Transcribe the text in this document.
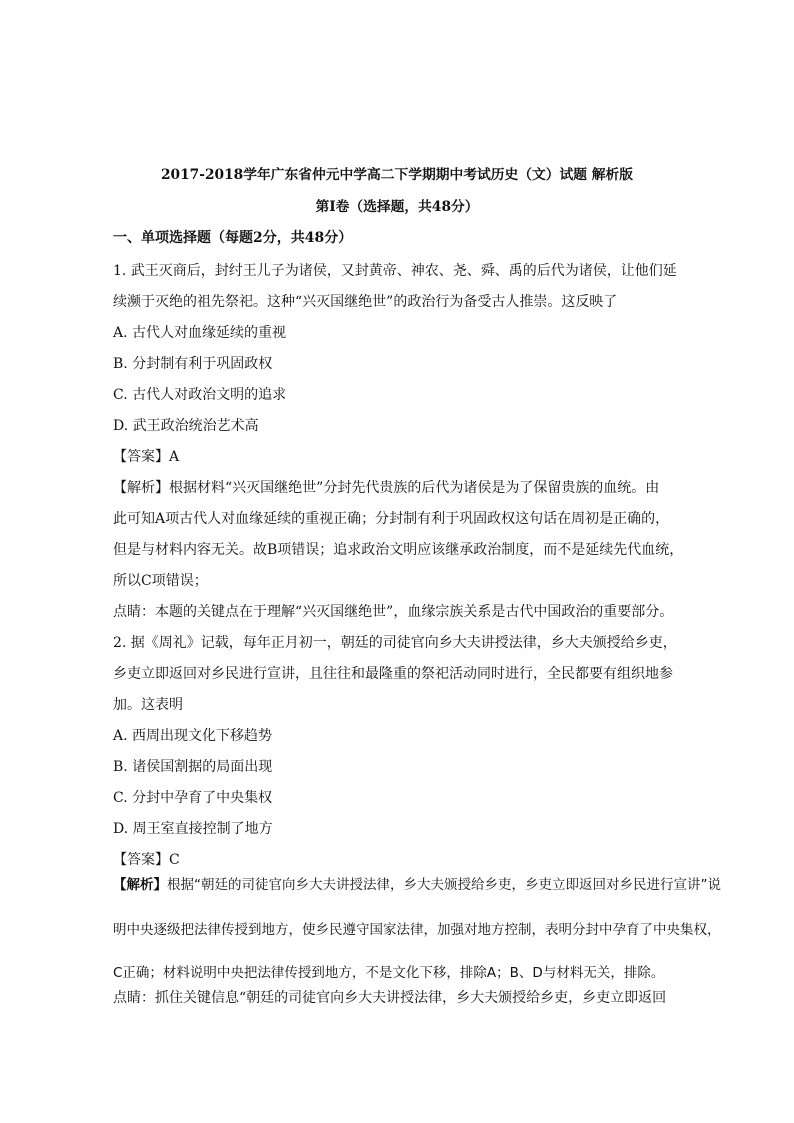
2017-2018学年广东省仲元中学高二下学期期中考试历史（文）试题 解析版
第Ⅰ卷（选择题，共48分）
一、单项选择题（每题2分，共48分）
1. 武王灭商后，封纣王儿子为诸侯，又封黄帝、神农、尧、舜、禹的后代为诸侯，让他们延
续濒于灭绝的祖先祭祀。这种“兴灭国继绝世”的政治行为备受古人推崇。这反映了
A. 古代人对血缘延续的重视
B. 分封制有利于巩固政权
C. 古代人对政治文明的追求
D. 武王政治统治艺术高
【答案】A
【解析】根据材料“兴灭国继绝世”分封先代贵族的后代为诸侯是为了保留贵族的血统。由
此可知A项古代人对血缘延续的重视正确；分封制有利于巩固政权这句话在周初是正确的，
但是与材料内容无关。故B项错误；追求政治文明应该继承政治制度，而不是延续先代血统，
所以C项错误；
点睛：本题的关键点在于理解“兴灭国继绝世”，血缘宗族关系是古代中国政治的重要部分。
2. 据《周礼》记载，每年正月初一，朝廷的司徒官向乡大夫讲授法律，乡大夫颁授给乡吏，
乡吏立即返回对乡民进行宣讲，且往往和最隆重的祭祀活动同时进行，全民都要有组织地参
加。这表明
A. 西周出现文化下移趋势
B. 诸侯国割据的局面出现
C. 分封中孕育了中央集权
D. 周王室直接控制了地方
【答案】C
【解析】根据“朝廷的司徒官向乡大夫讲授法律，乡大夫颁授给乡吏，乡吏立即返回对乡民进行宣讲”说
明中央逐级把法律传授到地方，使乡民遵守国家法律，加强对地方控制，表明分封中孕育了中央集权，
C正确；材料说明中央把法律传授到地方，不是文化下移，排除A；B、D与材料无关，排除。
点睛：抓住关键信息“朝廷的司徒官向乡大夫讲授法律，乡大夫颁授给乡吏，乡吏立即返回
